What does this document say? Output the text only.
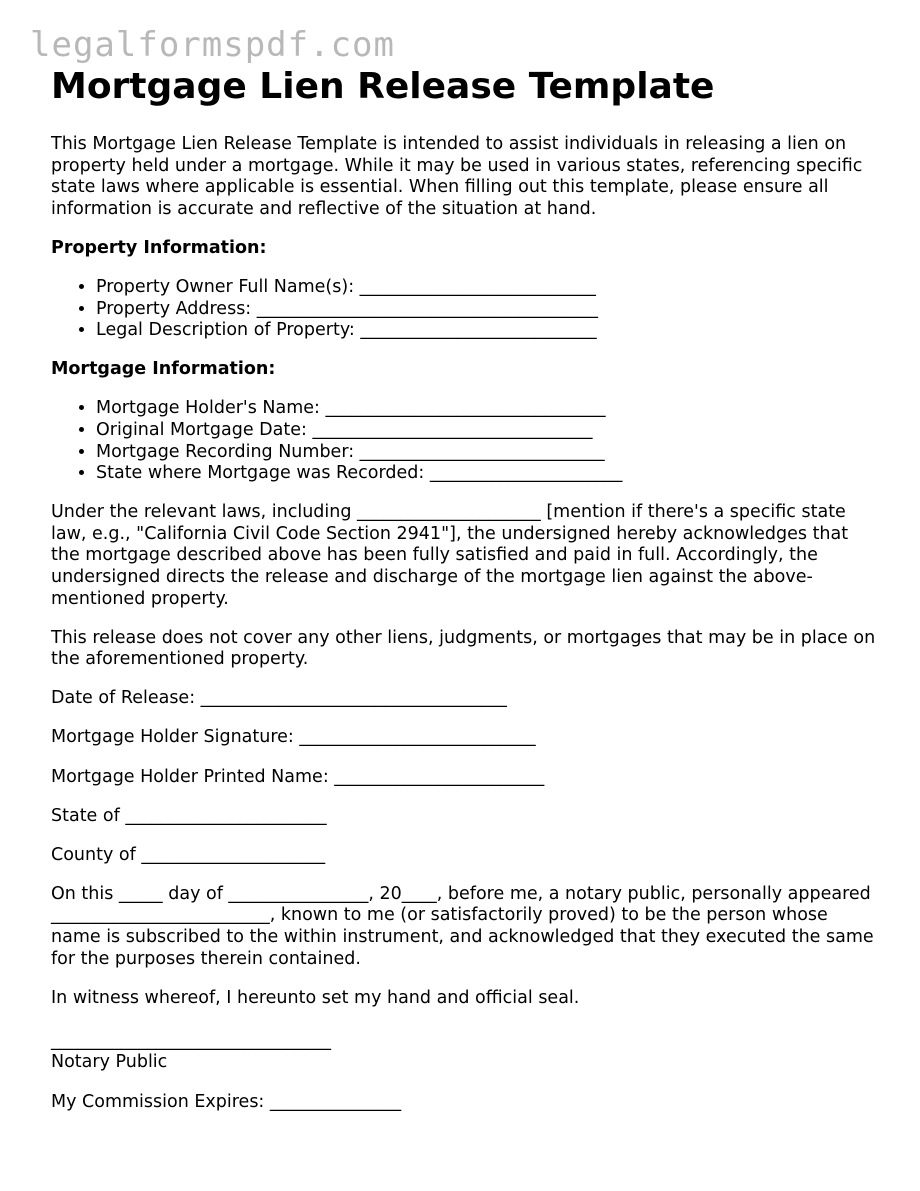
legalformspdf.com
Mortgage Lien Release Template

This Mortgage Lien Release Template is intended to assist individuals in releasing a lien on property held under a mortgage. While it may be used in various states, referencing specific state laws where applicable is essential. When filling out this template, please ensure all information is accurate and reflective of the situation at hand.

Property Information:
• Property Owner Full Name(s): ___________________________
• Property Address: _______________________________________
• Legal Description of Property: ___________________________
Mortgage Information:
• Mortgage Holder's Name: ________________________________
• Original Mortgage Date: ________________________________
• Mortgage Recording Number: ____________________________
• State where Mortgage was Recorded: ______________________

Under the relevant laws, including _____________________ [mention if there's a specific state law, e.g., "California Civil Code Section 2941"], the undersigned hereby acknowledges that the mortgage described above has been fully satisfied and paid in full. Accordingly, the undersigned directs the release and discharge of the mortgage lien against the above-mentioned property.

This release does not cover any other liens, judgments, or mortgages that may be in place on the aforementioned property.

Date of Release: ___________________________________

Mortgage Holder Signature: ___________________________

Mortgage Holder Printed Name: ________________________

State of _______________________

County of _____________________

On this _____ day of ________________, 20____, before me, a notary public, personally appeared _________________________, known to me (or satisfactorily proved) to be the person whose name is subscribed to the within instrument, and acknowledged that they executed the same for the purposes therein contained.

In witness whereof, I hereunto set my hand and official seal.

________________________________

Notary Public

My Commission Expires: _______________
